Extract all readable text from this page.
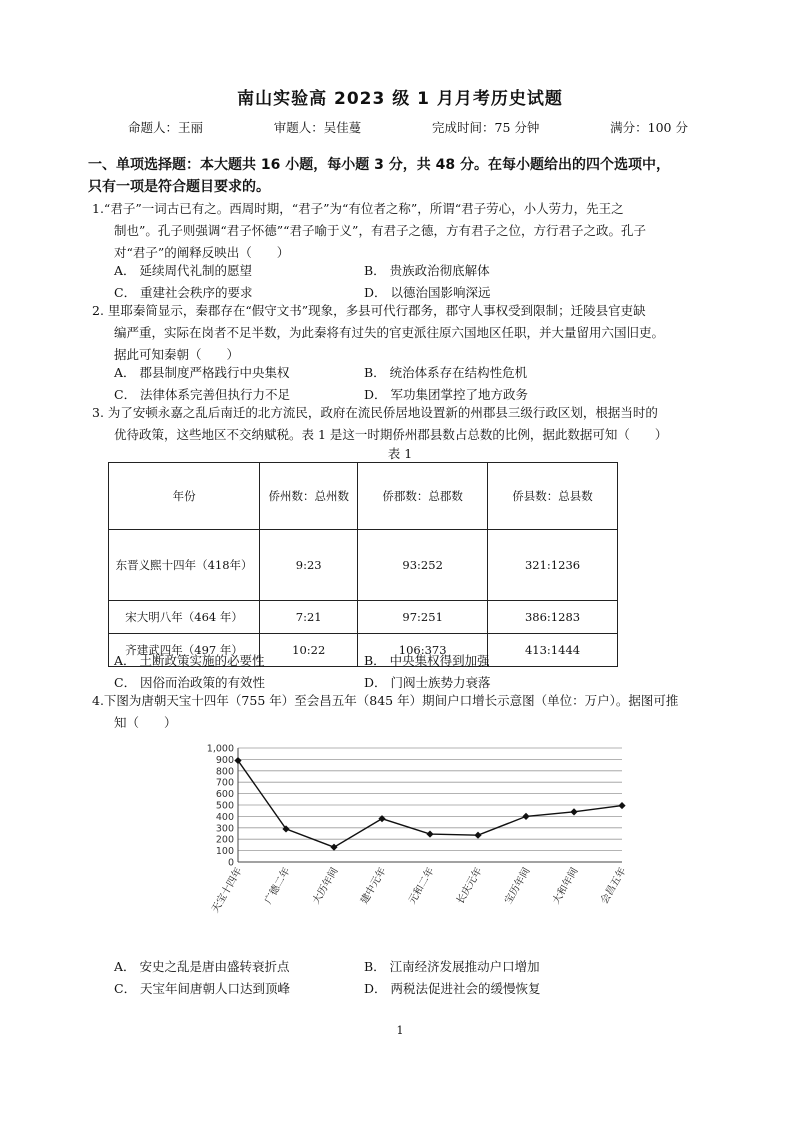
南山实验高 2023 级 1 月月考历史试题
命题人：王丽	审题人：吴佳蔓	完成时间：75 分钟	满分：100 分
一、单项选择题：本大题共 16 小题，每小题 3 分，共 48 分。在每小题给出的四个选项中，
只有一项是符合题目要求的。
1.“君子”一词古已有之。西周时期，“君子”为“有位者之称”，所谓“君子劳心，小人劳力，先王之
制也”。孔子则强调“君子怀德”“君子喻于义”，有君子之德，方有君子之位，方行君子之政。孔子
对“君子”的阐释反映出（　　）
A． 延续周代礼制的愿望	B． 贵族政治彻底解体
C． 重建社会秩序的要求	D． 以德治国影响深远
2. 里耶秦简显示，秦郡存在“假守文书”现象，多县可代行郡务，郡守人事权受到限制；迁陵县官吏缺
编严重，实际在岗者不足半数，为此秦将有过失的官吏派往原六国地区任职，并大量留用六国旧吏。
据此可知秦朝（　　）
A． 郡县制度严格践行中央集权	B． 统治体系存在结构性危机
C． 法律体系完善但执行力不足	D． 军功集团掌控了地方政务
3. 为了安顿永嘉之乱后南迁的北方流民，政府在流民侨居地设置新的州郡县三级行政区划，根据当时的
优待政策，这些地区不交纳赋税。表 1 是这一时期侨州郡县数占总数的比例，据此数据可知（　　）
表 1
年份	侨州数：总州数	侨郡数：总郡数	侨县数：总县数
东晋义熙十四年（418年）	9:23	93:252	321:1236
宋大明八年（464 年）	7:21	97:251	386:1283
齐建武四年（497 年）	10:22	106:373	413:1444
A． 土断政策实施的必要性	B． 中央集权得到加强
C． 因俗而治政策的有效性	D． 门阀士族势力衰落
4.下图为唐朝天宝十四年（755 年）至会昌五年（845 年）期间户口增长示意图（单位：万户）。据图可推
知（　　）
0
100
200
300
400
500
600
700
800
900
1,000
天宝十四年 广德二年 大历年间 建中元年 元和二年 长庆元年 宝历年间 大和年间 会昌五年
A． 安史之乱是唐由盛转衰折点	B． 江南经济发展推动户口增加
C． 天宝年间唐朝人口达到顶峰	D． 两税法促进社会的缓慢恢复
1
